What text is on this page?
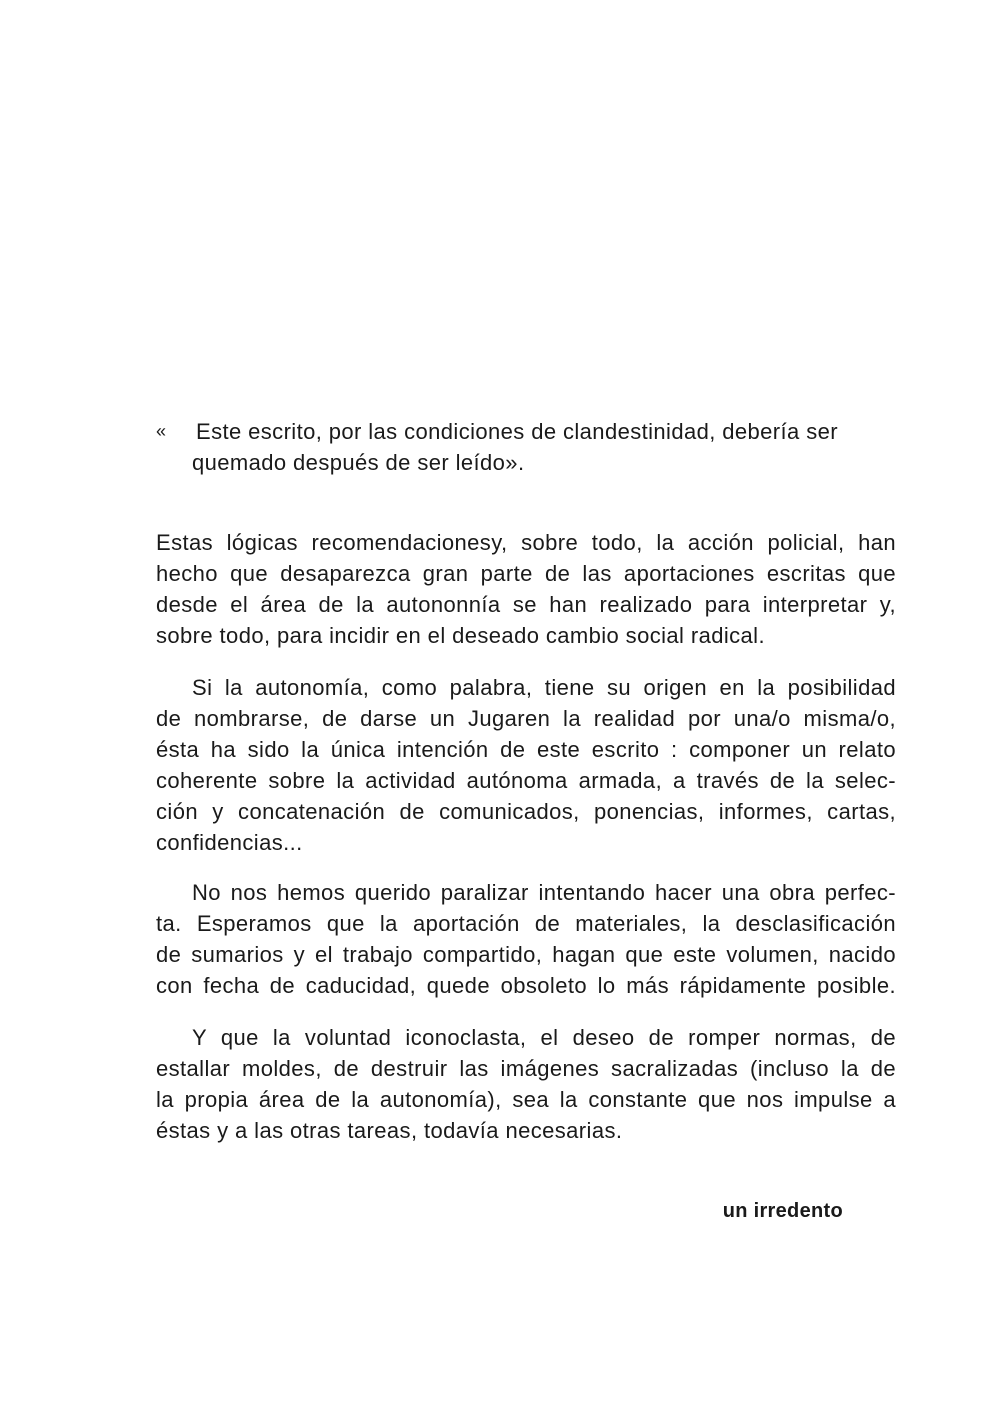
« Este escrito, por las condiciones de clandestinidad, debería ser
quemado después de ser leído».
Estas lógicas recomendacionesy, sobre todo, la acción policial, han
hecho que desaparezca gran parte de las aportaciones escritas que
desde el área de la autononnía se han realizado para interpretar y,
sobre todo, para incidir en el deseado cambio social radical.
Si la autonomía, como palabra, tiene su origen en la posibilidad
de nombrarse, de darse un Jugaren la realidad por una/o misma/o,
ésta ha sido la única intención de este escrito : componer un relato
coherente sobre la actividad autónoma armada, a través de la selec-
ción y concatenación de comunicados, ponencias, informes, cartas,
confidencias...
No nos hemos querido paralizar intentando hacer una obra perfec-
ta. Esperamos que la aportación de materiales, la desclasificación
de sumarios y el trabajo compartido, hagan que este volumen, nacido
con fecha de caducidad, quede obsoleto lo más rápidamente posible.
Y que la voluntad iconoclasta, el deseo de romper normas, de
estallar moldes, de destruir las imágenes sacralizadas (incluso la de
la propia área de la autonomía), sea la constante que nos impulse a
éstas y a las otras tareas, todavía necesarias.
un irredento
